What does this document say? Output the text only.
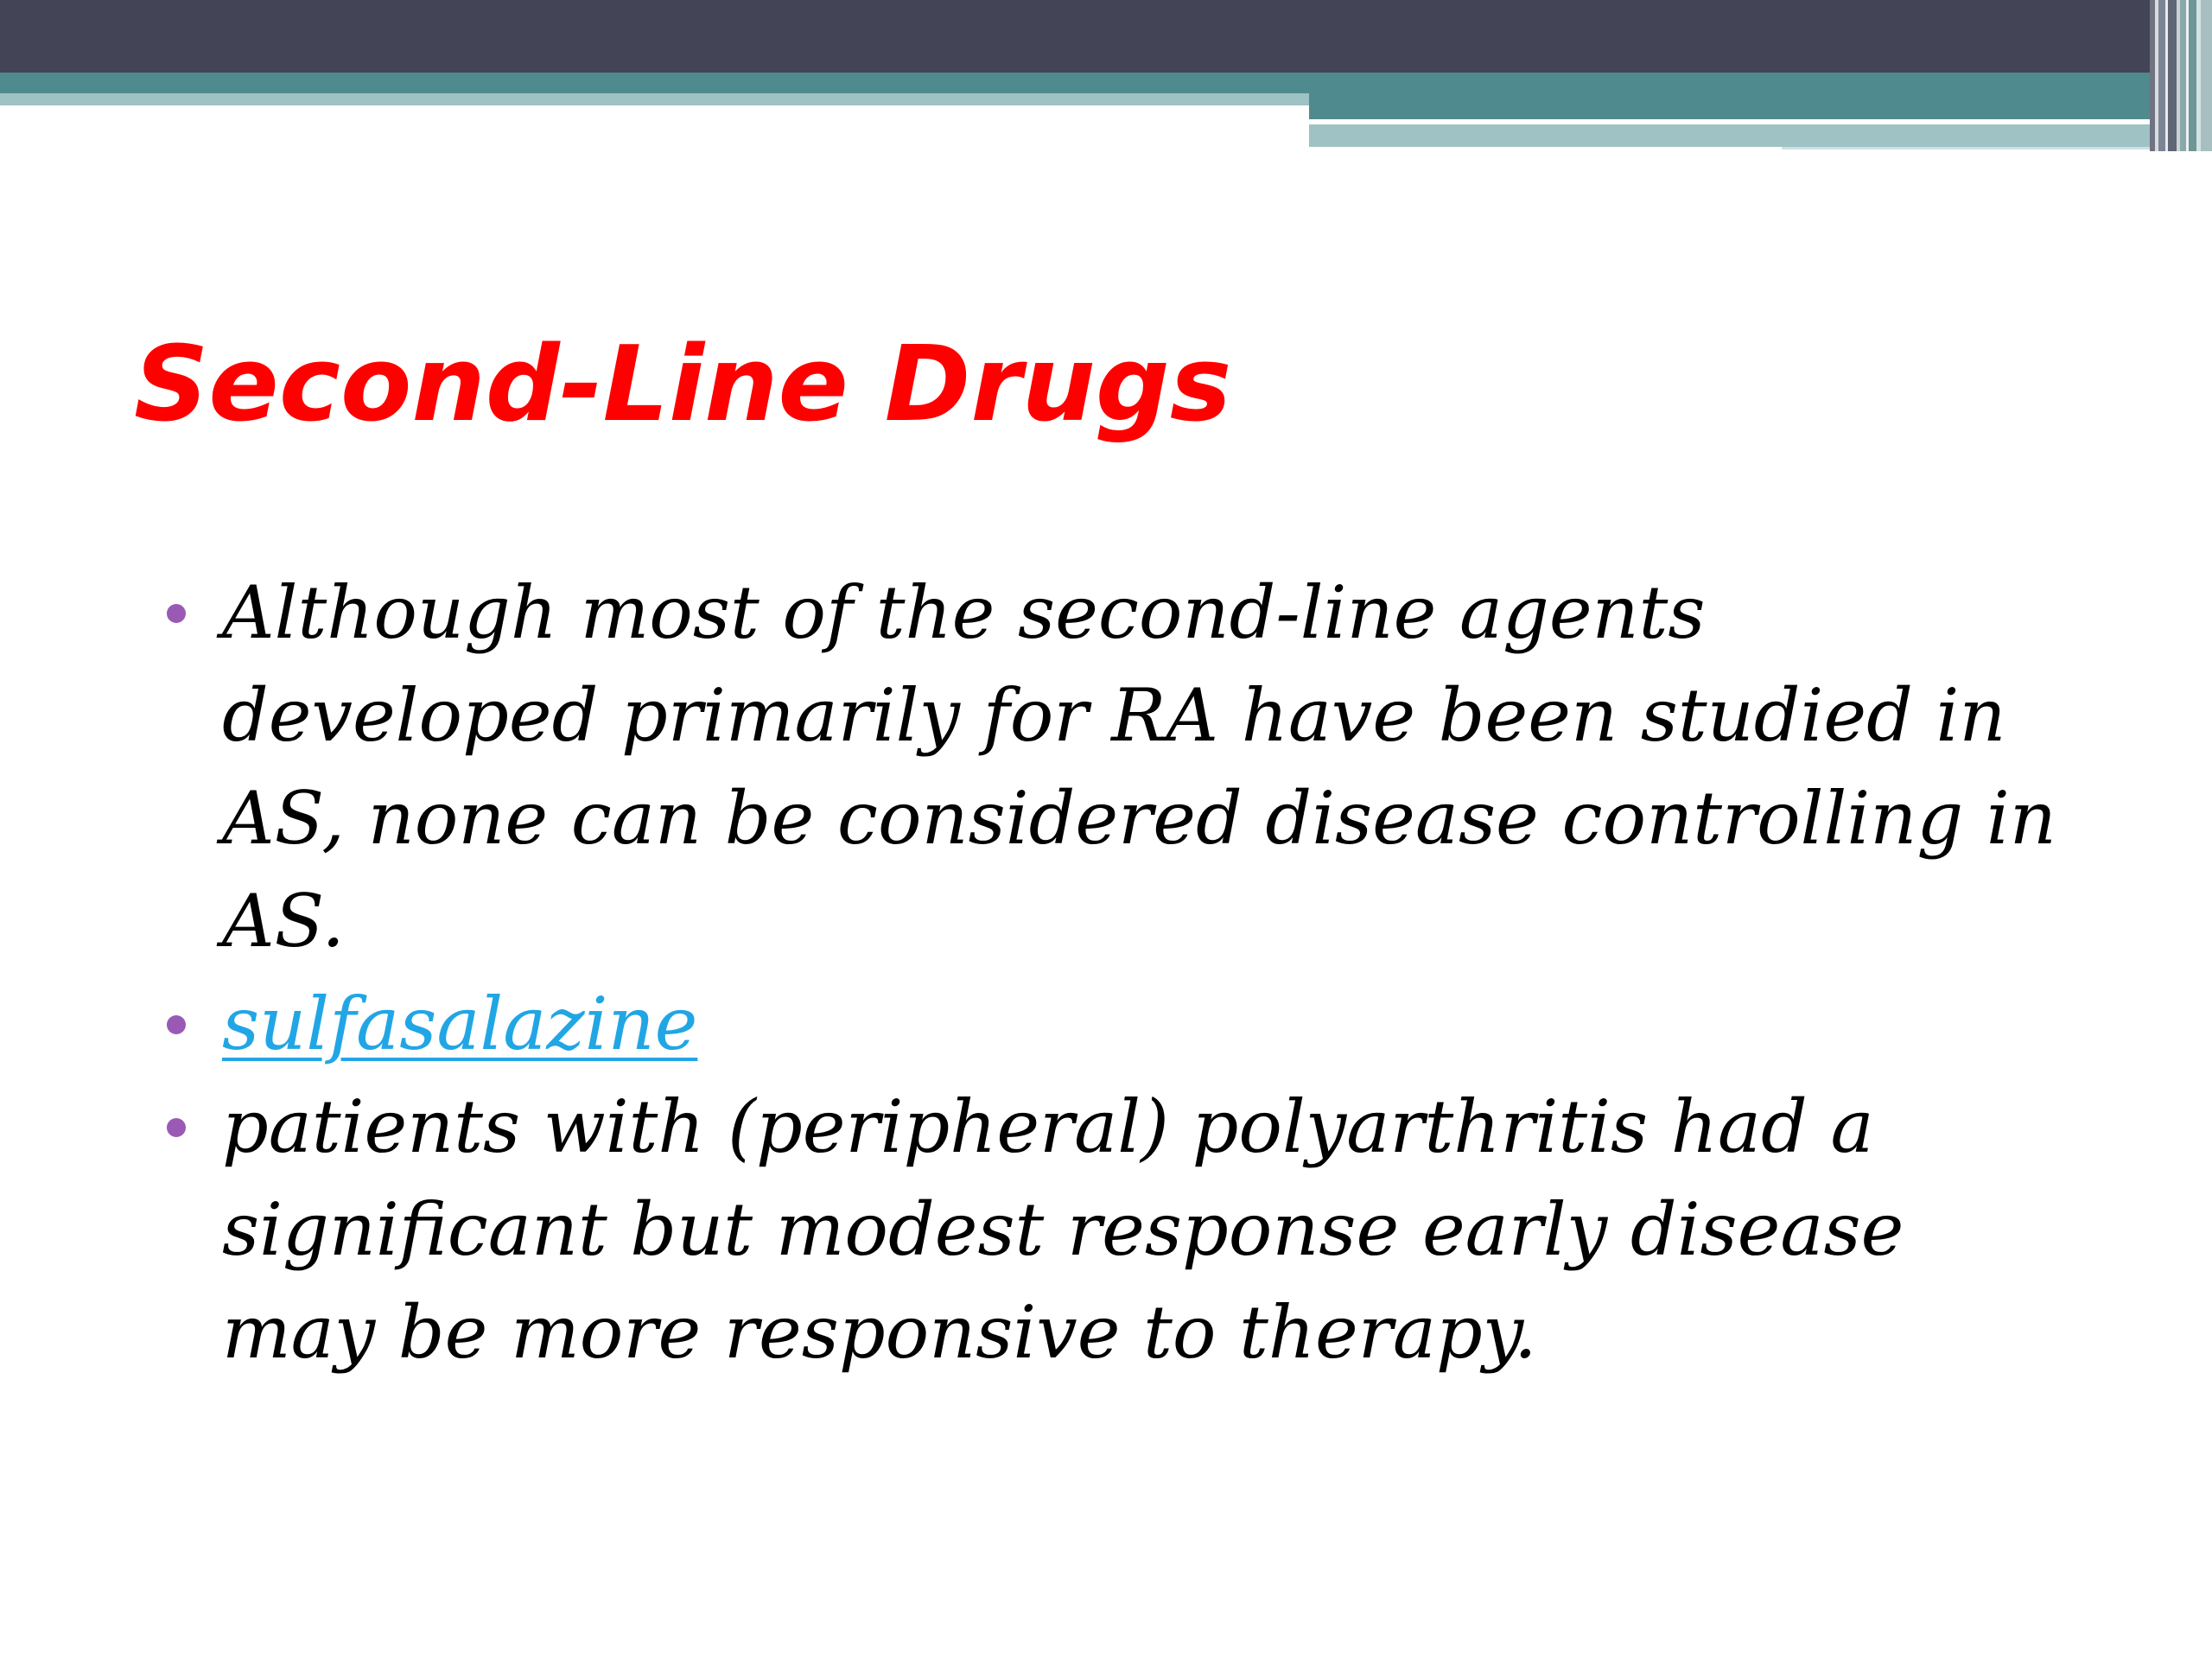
Second-Line Drugs
Although most of the second-line agents developed primarily for RA have been studied in AS, none can be considered disease controlling in AS.
sulfasalazine
patients with (peripheral) polyarthritis had a significant but modest response early disease may be more responsive to therapy.
